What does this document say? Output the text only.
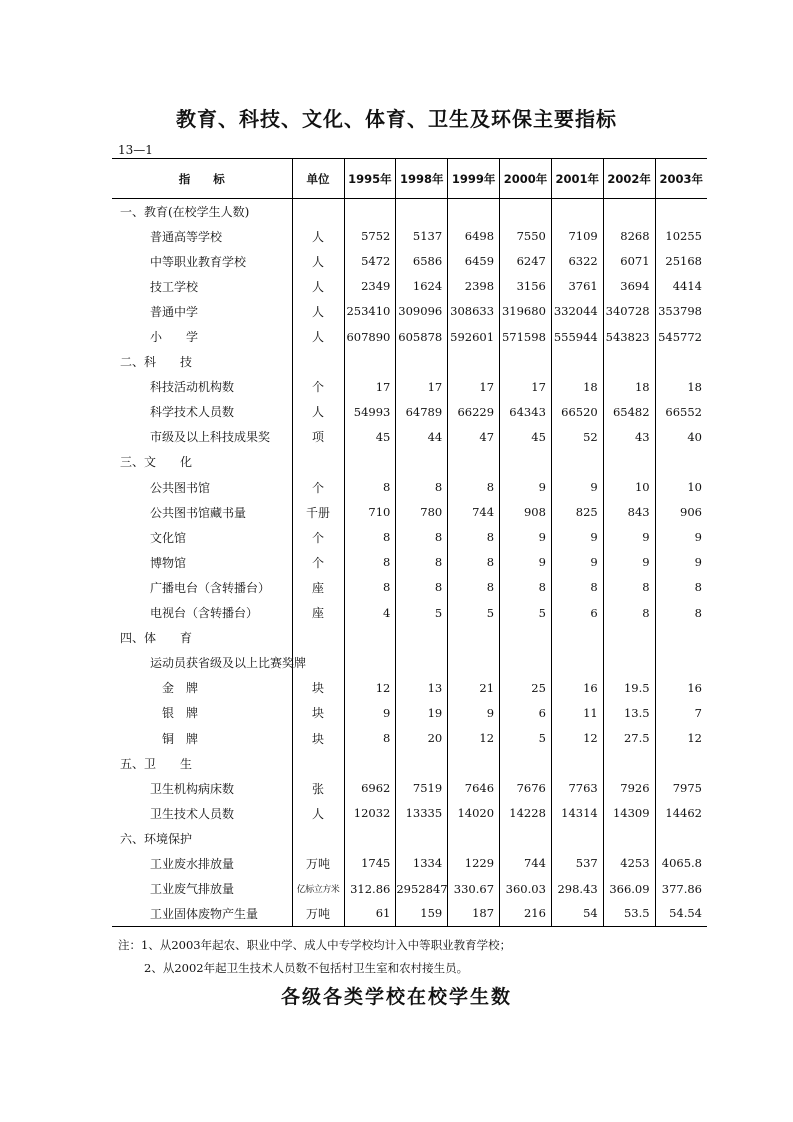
教育、科技、文化、体育、卫生及环保主要指标
13—1
指　　标	单位	1995年	1998年	1999年	2000年	2001年	2002年	2003年
一、教育(在校学生人数)								
普通高等学校	人	5752	5137	6498	7550	7109	8268	10255
中等职业教育学校	人	5472	6586	6459	6247	6322	6071	25168
技工学校	人	2349	1624	2398	3156	3761	3694	4414
普通中学	人	253410	309096	308633	319680	332044	340728	353798
小　　学	人	607890	605878	592601	571598	555944	543823	545772
二、科　　技								
科技活动机构数	个	17	17	17	17	18	18	18
科学技术人员数	人	54993	64789	66229	64343	66520	65482	66552
市级及以上科技成果奖	项	45	44	47	45	52	43	40
三、文　　化								
公共图书馆	个	8	8	8	9	9	10	10
公共图书馆藏书量	千册	710	780	744	908	825	843	906
文化馆	个	8	8	8	9	9	9	9
博物馆	个	8	8	8	9	9	9	9
广播电台（含转播台）	座	8	8	8	8	8	8	8
电视台（含转播台）	座	4	5	5	5	6	8	8
四、体　　育								
运动员获省级及以上比赛奖牌								
金　牌	块	12	13	21	25	16	19.5	16
银　牌	块	9	19	9	6	11	13.5	7
铜　牌	块	8	20	12	5	12	27.5	12
五、卫　　生								
卫生机构病床数	张	6962	7519	7646	7676	7763	7926	7975
卫生技术人员数	人	12032	13335	14020	14228	14314	14309	14462
六、环境保护								
工业废水排放量	万吨	1745	1334	1229	744	537	4253	4065.8
工业废气排放量	亿标立方米	312.86	2952847	330.67	360.03	298.43	366.09	377.86
工业固体废物产生量	万吨	61	159	187	216	54	53.5	54.54
注：1、从2003年起农、职业中学、成人中专学校均计入中等职业教育学校；
2、从2002年起卫生技术人员数不包括村卫生室和农村接生员。
各级各类学校在校学生数
